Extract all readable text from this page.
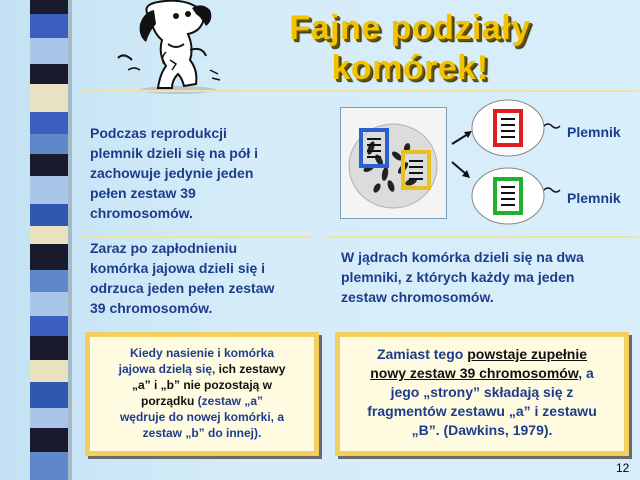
Fajne podziały
komórek!
Podczas reprodukcji
plemnik dzieli się na pół i
zachowuje jedynie jeden
pełen zestaw 39
chromosomów.
Plemnik
Plemnik
Zaraz po zapłodnieniu
komórka jajowa dzieli się i
odrzuca jeden pełen zestaw
39 chromosomów.
W jądrach komórka dzieli się na dwa
plemniki, z których każdy ma jeden
zestaw chromosomów.
Kiedy nasienie i komórka
jajowa dzielą się, ich zestawy
„a” i „b” nie pozostają w
porządku (zestaw „a”
wędruje do nowej komórki, a
zestaw „b” do innej).
Zamiast tego powstaje zupełnie
nowy zestaw 39 chromosomów, a
jego „strony” składają się z
fragmentów zestawu „a” i zestawu
„B”. (Dawkins, 1979).
12
